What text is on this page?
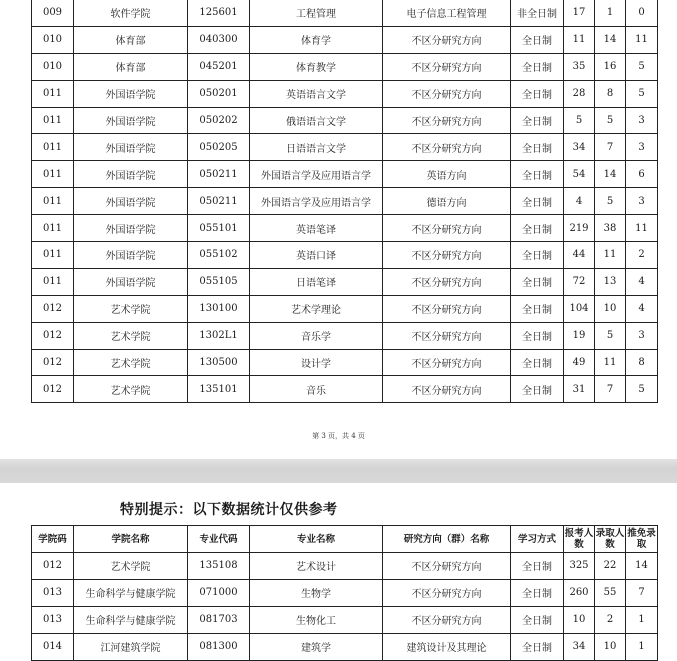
009	软件学院	125601	工程管理	电子信息工程管理	非全日制	17	1	0
010	体育部	040300	体育学	不区分研究方向	全日制	11	14	11
010	体育部	045201	体育教学	不区分研究方向	全日制	35	16	5
011	外国语学院	050201	英语语言文学	不区分研究方向	全日制	28	8	5
011	外国语学院	050202	俄语语言文学	不区分研究方向	全日制	5	5	3
011	外国语学院	050205	日语语言文学	不区分研究方向	全日制	34	7	3
011	外国语学院	050211	外国语言学及应用语言学	英语方向	全日制	54	14	6
011	外国语学院	050211	外国语言学及应用语言学	德语方向	全日制	4	5	3
011	外国语学院	055101	英语笔译	不区分研究方向	全日制	219	38	11
011	外国语学院	055102	英语口译	不区分研究方向	全日制	44	11	2
011	外国语学院	055105	日语笔译	不区分研究方向	全日制	72	13	4
012	艺术学院	130100	艺术学理论	不区分研究方向	全日制	104	10	4
012	艺术学院	1302L1	音乐学	不区分研究方向	全日制	19	5	3
012	艺术学院	130500	设计学	不区分研究方向	全日制	49	11	8
012	艺术学院	135101	音乐	不区分研究方向	全日制	31	7	5
第 3 页，共 4 页
特别提示：以下数据统计仅供参考
学院码	学院名称	专业代码	专业名称	研究方向（群）名称	学习方式	报考人数	录取人数	推免录取
012	艺术学院	135108	艺术设计	不区分研究方向	全日制	325	22	14
013	生命科学与健康学院	071000	生物学	不区分研究方向	全日制	260	55	7
013	生命科学与健康学院	081703	生物化工	不区分研究方向	全日制	10	2	1
014	江河建筑学院	081300	建筑学	建筑设计及其理论	全日制	34	10	1
